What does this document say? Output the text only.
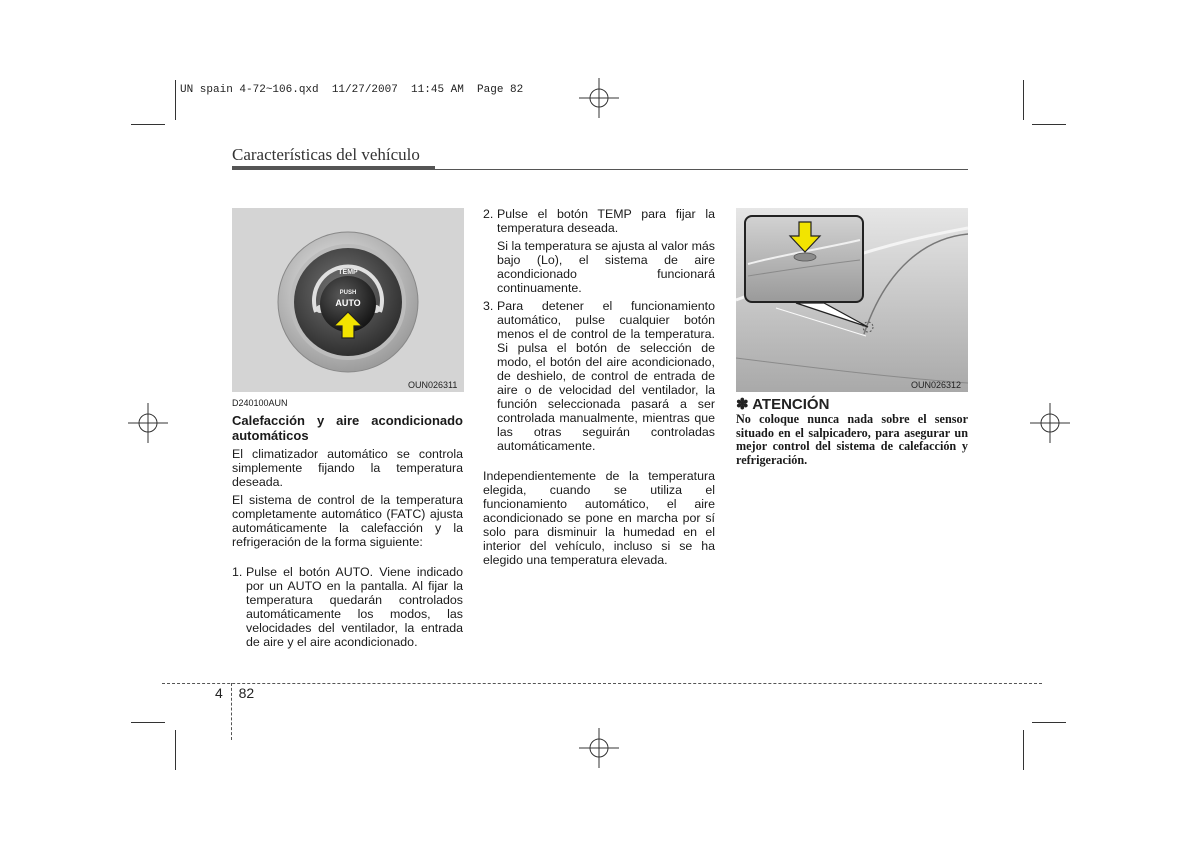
UN spain 4-72~106.qxd  11/27/2007  11:45 AM  Page 82
Características del vehículo
TEMP
PUSH
AUTO
OUN026311
D240100AUN
Calefacción y aire acondicionado automáticos

El climatizador automático se controla simplemente fijando la temperatura deseada.

El sistema de control de la temperatura completamente automático (FATC) ajusta automáticamente la calefacción y la refrigeración de la forma siguiente:

1. Pulse el botón AUTO. Viene indicado por un AUTO en la pantalla. Al fijar la temperatura quedarán controlados automáticamente los modos, las velocidades del ventilador, la entrada de aire y el aire acondicionado.

2. Pulse el botón TEMP para fijar la temperatura deseada.

Si la temperatura se ajusta al valor más bajo (Lo), el sistema de aire acondicionado funcionará continuamente.

3. Para detener el funcionamiento automático, pulse cualquier botón menos el de control de la temperatura. Si pulsa el botón de selección de modo, el botón del aire acondicionado, de deshielo, de control de entrada de aire o de velocidad del ventilador, la función seleccionada pasará a ser controlada manualmente, mientras que las otras seguirán controladas automáticamente.

Independientemente de la temperatura elegida, cuando se utiliza el funcionamiento automático, el aire acondicionado se pone en marcha por sí solo para disminuir la humedad en el interior del vehículo, incluso si se ha elegido una temperatura elevada.

OUN026312
✽ ATENCIÓN
No coloque nunca nada sobre el sensor situado en el salpicadero, para asegurar un mejor control del sistema de calefacción y refrigeración.
4 82
